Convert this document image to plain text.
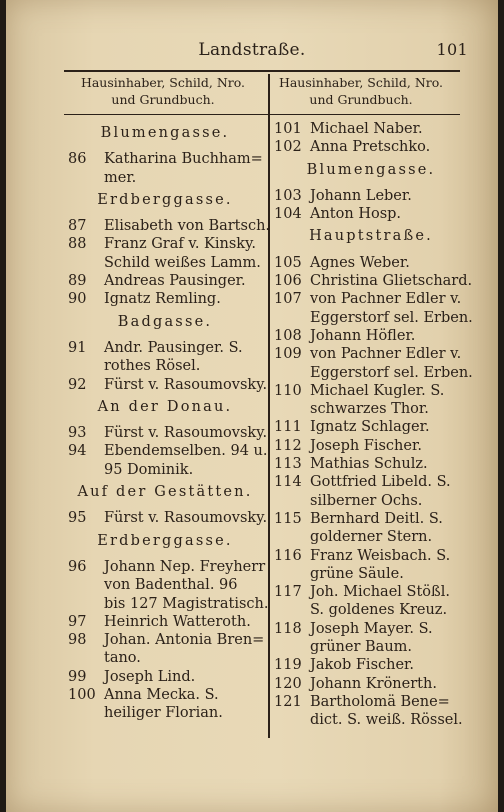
Landstraße.	101
Hausinhaber, Schild, Nro.
und Grundbuch.
Hausinhaber, Schild, Nro.
und Grundbuch.
Blumengasse.
86	Katharina Buchham=
mer.
Erdberggasse.
87	Elisabeth von Bartsch.
88	Franz Graf v. Kinsky.
Schild weißes Lamm.
89	Andreas Pausinger.
90	Ignatz Remling.
Badgasse.
91	Andr. Pausinger. S.
rothes Rösel.
92	Fürst v. Rasoumovsky.
An der Donau.
93	Fürst v. Rasoumovsky.
94	Ebendemselben. 94 u.
95 Dominik.
Auf der Gestätten.
95	Fürst v. Rasoumovsky.
Erdberggasse.
96	Johann Nep. Freyherr
von Badenthal. 96
bis 127 Magistratisch.
97	Heinrich Watteroth.
98	Johan. Antonia Bren=
tano.
99	Joseph Lind.
100 Anna Mecka. S.
heiliger Florian.
101 Michael Naber.
102 Anna Pretschko.
Blumengasse.
103 Johann Leber.
104 Anton Hosp.
Hauptstraße.
105 Agnes Weber.
106 Christina Glietschard.
107 von Pachner Edler v.
Eggerstorf sel. Erben.
108 Johann Höfler.
109 von Pachner Edler v.
Eggerstorf sel. Erben.
110 Michael Kugler. S.
schwarzes Thor.
111 Ignatz Schlager.
112 Joseph Fischer.
113 Mathias Schulz.
114 Gottfried Libeld. S.
silberner Ochs.
115 Bernhard Deitl. S.
golderner Stern.
116 Franz Weisbach. S.
grüne Säule.
117 Joh. Michael Stößl.
S. goldenes Kreuz.
118 Joseph Mayer. S.
grüner Baum.
119 Jakob Fischer.
120 Johann Krönerth.
121 Bartholomä Bene=
dict. S. weiß. Rössel.
